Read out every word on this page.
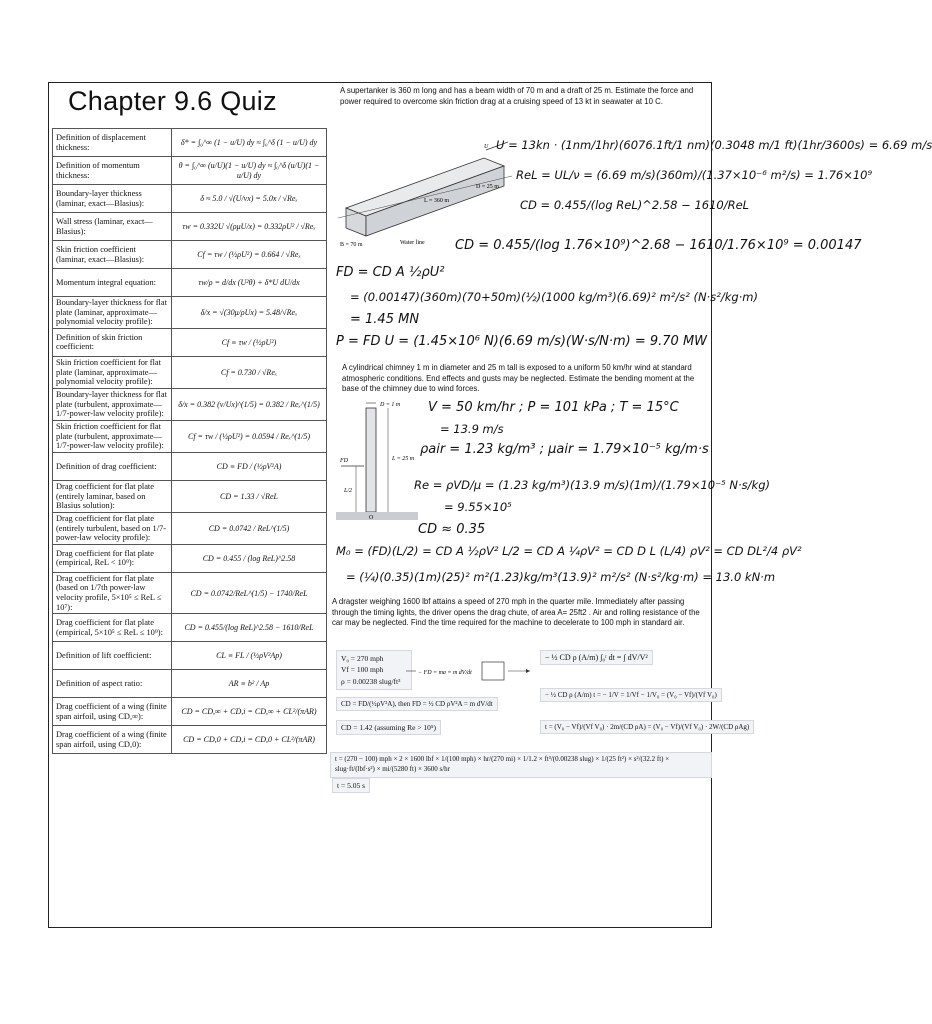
Chapter 9.6 Quiz
Definition of displacement thickness:	δ* = ∫₀^∞ (1 − u/U) dy ≈ ∫₀^δ (1 − u/U) dy
Definition of momentum thickness:	θ = ∫₀^∞ (u/U)(1 − u/U) dy ≈ ∫₀^δ (u/U)(1 − u/U) dy
Boundary-layer thickness (laminar, exact—Blasius):	δ ≈ 5.0 / √(U/νx) = 5.0x / √Reₓ
Wall stress (laminar, exact—Blasius):	τw = 0.332U √(ρμU/x) = 0.332ρU² / √Reₓ
Skin friction coefficient (laminar, exact—Blasius):	Cf = τw / (½ρU²) = 0.664 / √Reₓ
Momentum integral equation:	τw/ρ = d/dx (U²θ) + δ*U dU/dx
Boundary-layer thickness for flat plate (laminar, approximate—polynomial velocity profile):	δ/x = √(30μ/ρUx) = 5.48/√Reₓ
Definition of skin friction coefficient:	Cf ≡ τw / (½ρU²)
Skin friction coefficient for flat plate (laminar, approximate—polynomial velocity profile):	Cf = 0.730 / √Reₓ
Boundary-layer thickness for flat plate (turbulent, approximate—1/7-power-law velocity profile):	δ/x = 0.382 (ν/Ux)^(1/5) = 0.382 / Reₓ^(1/5)
Skin friction coefficient for flat plate (turbulent, approximate—1/7-power-law velocity profile):	Cf = τw / (½ρU²) = 0.0594 / Reₓ^(1/5)
Definition of drag coefficient:	CD ≡ FD / (½ρV²A)
Drag coefficient for flat plate (entirely laminar, based on Blasius solution):	CD = 1.33 / √ReL
Drag coefficient for flat plate (entirely turbulent, based on 1/7-power-law velocity profile):	CD = 0.0742 / ReL^(1/5)
Drag coefficient for flat plate (empirical, ReL < 10⁹):	CD = 0.455 / (log ReL)^2.58
Drag coefficient for flat plate (based on 1/7th power-law velocity profile, 5×10⁵ ≤ ReL ≤ 10⁷):	CD = 0.0742/ReL^(1/5) − 1740/ReL
Drag coefficient for flat plate (empirical, 5×10⁵ ≤ ReL ≤ 10⁹):	CD = 0.455/(log ReL)^2.58 − 1610/ReL
Definition of lift coefficient:	CL ≡ FL / (½ρV²Ap)
Definition of aspect ratio:	AR ≡ b² / Ap
Drag coefficient of a wing (finite span airfoil, using CD,∞):	CD = CD,∞ + CD,i = CD,∞ + CL²/(πAR)
Drag coefficient of a wing (finite span airfoil, using CD,0):	CD = CD,0 + CD,i = CD,0 + CL²/(πAR)
A supertanker is 360 m long and has a beam width of 70 m and a draft of 25 m. Estimate the force and power required to overcome skin friction drag at a cruising speed of 13 kt in seawater at 10 C.
U
D = 25 m
L = 360 m
B = 70 m	Water line
U = 13kn · (1nm/1hr)(6076.1ft/1 nm)(0.3048 m/1 ft)(1hr/3600s) = 6.69 m/s
ReL = UL/ν = (6.69 m/s)(360m)/(1.37×10⁻⁶ m²/s) = 1.76×10⁹
CD = 0.455/(log ReL)^2.58 − 1610/ReL
CD = 0.455/(log 1.76×10⁹)^2.68 − 1610/1.76×10⁹ = 0.00147
FD = CD A ½ρU²
= (0.00147)(360m)(70+50m)(½)(1000 kg/m³)(6.69)² m²/s² (N·s²/kg·m)
= 1.45 MN
P = FD U = (1.45×10⁶ N)(6.69 m/s)(W·s/N·m) = 9.70 MW
A cylindrical chimney 1 m in diameter and 25 m tall is exposed to a uniform 50 km/hr wind at standard atmospheric conditions. End effects and gusts may be neglected. Estimate the bending moment at the base of the chimney due to wind forces.
D = 1 m
FD	L = 25 m
L/2
O
V = 50 km/hr ; P = 101 kPa ; T = 15°C
= 13.9 m/s
ρair = 1.23 kg/m³ ; μair = 1.79×10⁻⁵ kg/m·s
Re = ρVD/μ = (1.23 kg/m³)(13.9 m/s)(1m)/(1.79×10⁻⁵ N·s/kg)
= 9.55×10⁵
CD ≈ 0.35
M₀ = (FD)(L/2) = CD A ½ρV² L/2 = CD A ¼ρV² = CD D L (L/4) ρV² = CD DL²/4 ρV²
= (¼)(0.35)(1m)(25)² m²(1.23)kg/m³(13.9)² m²/s² (N·s²/kg·m) = 13.0 kN·m
A dragster weighing 1600 lbf attains a speed of 270 mph in the quarter mile. Immediately after passing through the timing lights, the driver opens the drag chute, of area A= 25ft2 . Air and rolling resistance of the car may be neglected. Find the time required for the machine to decelerate to 100 mph in standard air.
V₀ = 270 mph
Vf = 100 mph
ρ = 0.00238 slug/ft³
− FD = ma = m dV/dt
− ½ CD ρ (A/m) ∫₀ᵗ dt = ∫ dV/V²
CD = FD/(½ρV²A), then FD = ½ CD ρV²A = m dV/dt
− ½ CD ρ (A/m) t = − 1/V = 1/Vf − 1/V₀ = (V₀ − Vf)/(Vf V₀)
CD = 1.42 (assuming Re > 10⁵)	t = (V₀ − Vf)/(Vf V₀) · 2m/(CD ρA) = (V₀ − Vf)/(Vf V₀) · 2W/(CD ρAg)
t = (270 − 100) mph × 2 × 1600 lbf × 1/(100 mph) × hr/(270 mi) × 1/1.2 × ft³/(0.00238 slug) × 1/(25 ft²) × s²/(32.2 ft) × slug·ft/(lbf·s²) × mi/(5280 ft) × 3600 s/hr
t = 5.05 s
